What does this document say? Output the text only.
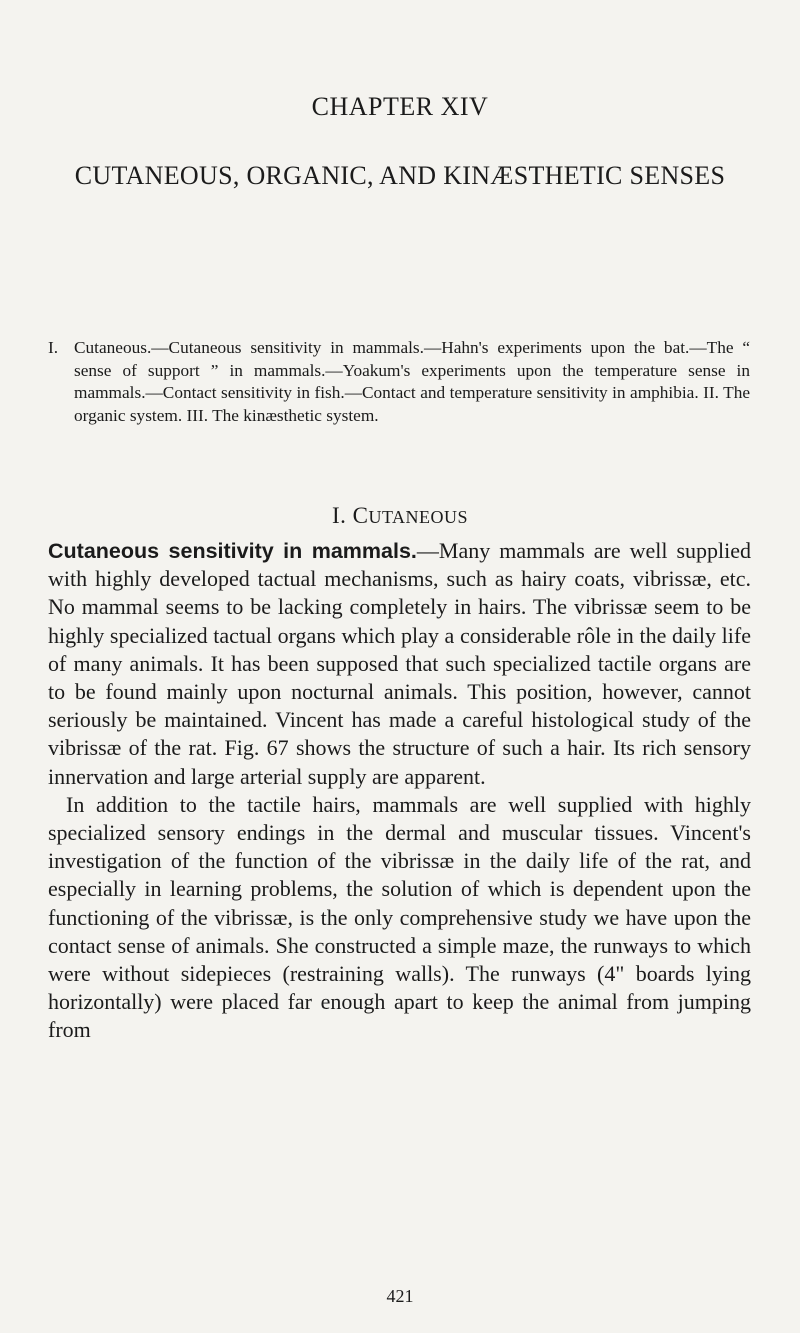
CHAPTER XIV
CUTANEOUS, ORGANIC, AND KINÆSTHETIC SENSES
I. Cutaneous.—Cutaneous sensitivity in mammals.—Hahn's experiments upon the bat.—The “ sense of support ” in mammals.—Yoakum's experiments upon the temperature sense in mammals.—Contact sensitivity in fish.—Contact and temperature sensitivity in amphibia. II. The organic system. III. The kinæsthetic system.
I. CUTANEOUS

Cutaneous sensitivity in mammals.—Many mammals are well supplied with highly developed tactual mechanisms, such as hairy coats, vibrissæ, etc. No mammal seems to be lacking completely in hairs. The vibrissæ seem to be highly specialized tactual organs which play a considerable rôle in the daily life of many animals. It has been supposed that such specialized tactile organs are to be found mainly upon nocturnal animals. This position, however, cannot seriously be maintained. Vincent has made a careful histological study of the vibrissæ of the rat. Fig. 67 shows the structure of such a hair. Its rich sensory innervation and large arterial supply are apparent.

In addition to the tactile hairs, mammals are well supplied with highly specialized sensory endings in the dermal and muscular tissues. Vincent's investigation of the function of the vibrissæ in the daily life of the rat, and especially in learning problems, the solution of which is dependent upon the functioning of the vibrissæ, is the only comprehensive study we have upon the contact sense of animals. She constructed a simple maze, the runways to which were without sidepieces (restraining walls). The runways (4" boards lying horizontally) were placed far enough apart to keep the animal from jumping from

421
